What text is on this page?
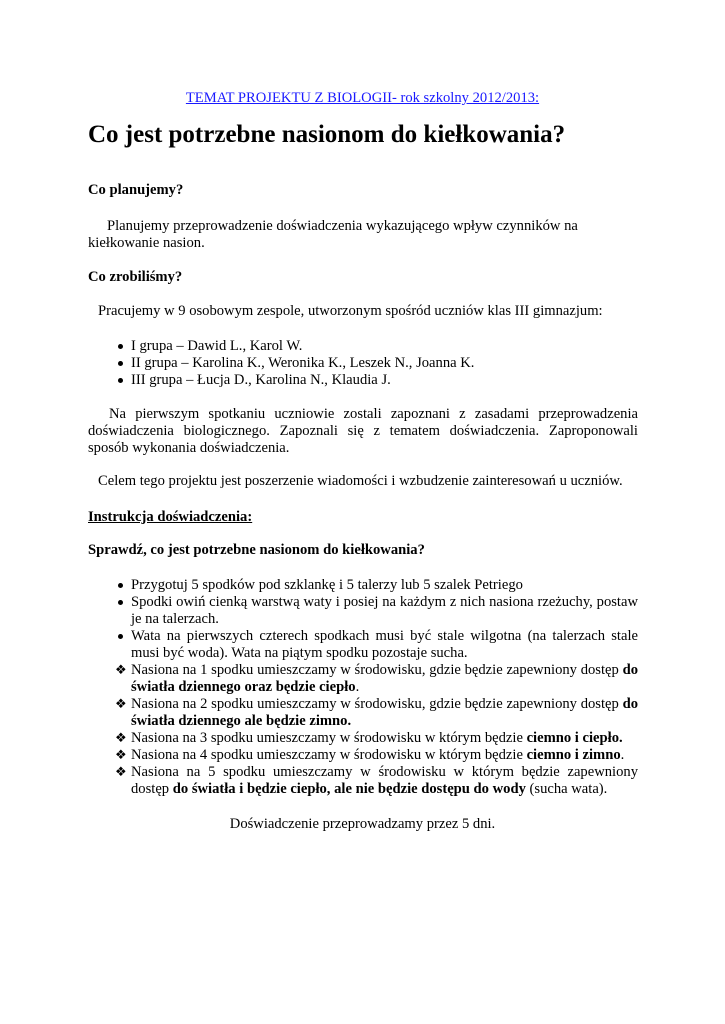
TEMAT PROJEKTU Z BIOLOGII- rok szkolny 2012/2013:
Co jest potrzebne nasionom do kiełkowania?
Co planujemy?
Planujemy przeprowadzenie doświadczenia wykazującego wpływ czynników na kiełkowanie nasion.
Co zrobiliśmy?
Pracujemy w 9 osobowym zespole, utworzonym spośród uczniów klas III gimnazjum:
I grupa – Dawid L., Karol W.
II grupa – Karolina K., Weronika K., Leszek N., Joanna K.
III grupa – Łucja D., Karolina N., Klaudia J.
Na pierwszym spotkaniu uczniowie zostali zapoznani z zasadami przeprowadzenia doświadczenia biologicznego. Zapoznali się z tematem doświadczenia. Zaproponowali sposób wykonania doświadczenia.
Celem tego projektu jest poszerzenie wiadomości i wzbudzenie zainteresowań u uczniów.
Instrukcja doświadczenia:
Sprawdź, co jest potrzebne nasionom do kiełkowania?
Przygotuj 5 spodków pod szklankę i 5 talerzy lub 5 szalek Petriego
Spodki owiń cienką warstwą waty i posiej na każdym z nich nasiona rzeżuchy, postaw je na talerzach.
Wata na pierwszych czterech spodkach musi być stale wilgotna (na talerzach stale musi być woda). Wata na piątym spodku pozostaje sucha.
❖ Nasiona na 1 spodku umieszczamy w środowisku, gdzie będzie zapewniony dostęp do światła dziennego oraz będzie ciepło.
❖ Nasiona na 2 spodku umieszczamy w środowisku, gdzie będzie zapewniony dostęp do światła dziennego ale będzie zimno.
❖ Nasiona na 3 spodku umieszczamy w środowisku w którym będzie ciemno i ciepło.
❖ Nasiona na 4 spodku umieszczamy w środowisku w którym będzie ciemno i zimno.
❖ Nasiona na 5 spodku umieszczamy w środowisku w którym będzie zapewniony dostęp do światła i będzie ciepło, ale nie będzie dostępu do wody (sucha wata).
Doświadczenie przeprowadzamy przez 5 dni.
